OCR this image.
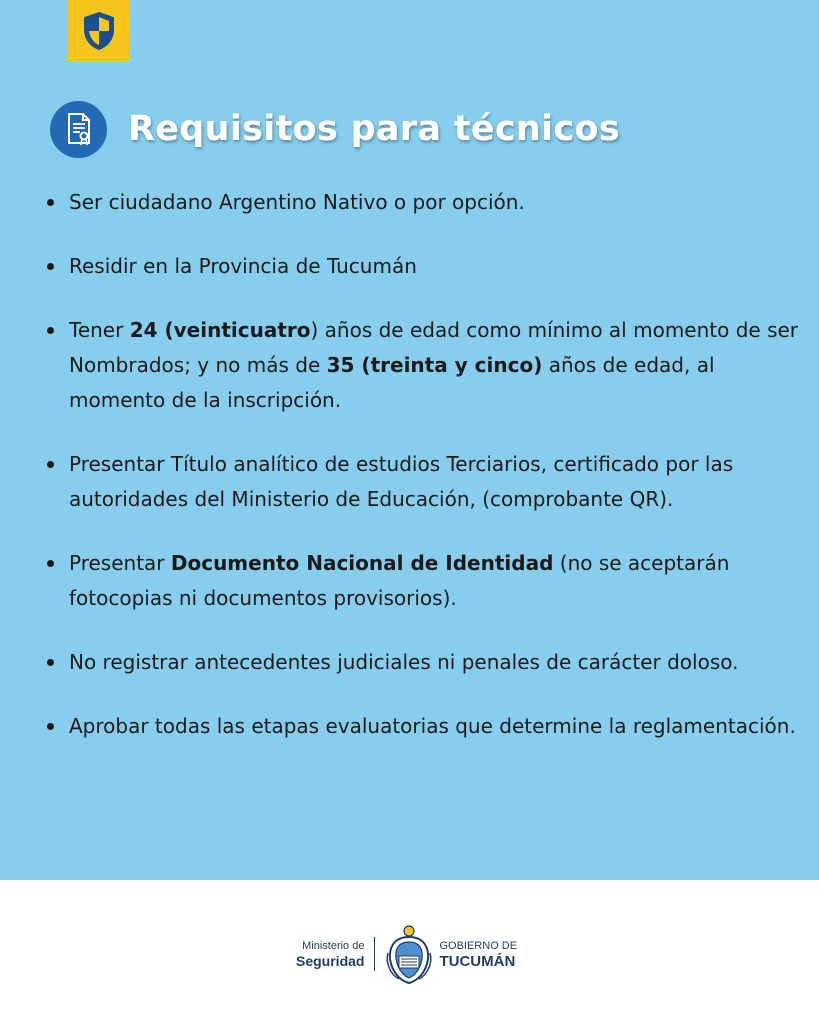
Requisitos para técnicos
Ser ciudadano Argentino Nativo o por opción.
Residir en la Provincia de Tucumán
Tener 24 (veinticuatro) años de edad como mínimo al momento de ser Nombrados; y no más de 35 (treinta y cinco) años de edad, al momento de la inscripción.
Presentar Título analítico de estudios Terciarios, certificado por las autoridades del Ministerio de Educación, (comprobante QR).
Presentar Documento Nacional de Identidad (no se aceptarán fotocopias ni documentos provisorios).
No registrar antecedentes judiciales ni penales de carácter doloso.
Aprobar todas las etapas evaluatorias que determine la reglamentación.
Ministerio de
Seguridad
GOBIERNO DE
TUCUMÁN
